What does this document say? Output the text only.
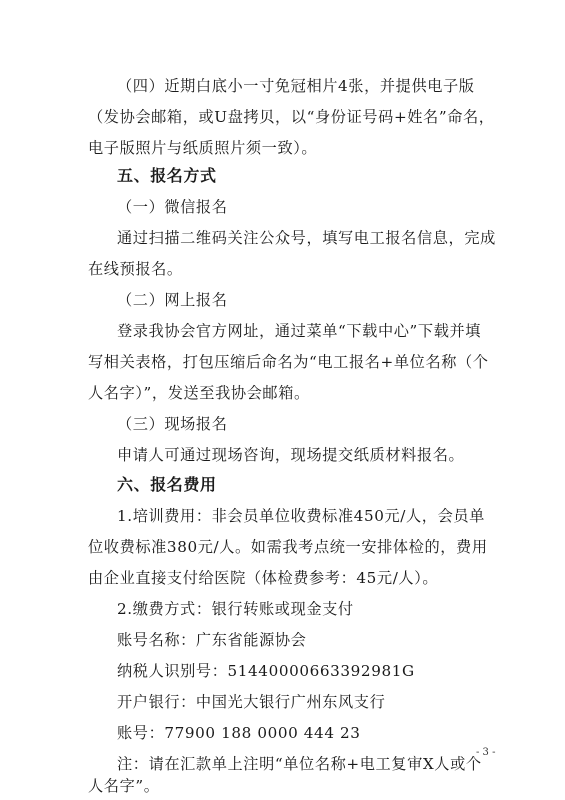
（四）近期白底小一寸免冠相片4张，并提供电子版
（发协会邮箱，或U盘拷贝，以“身份证号码+姓名”命名，
电子版照片与纸质照片须一致）。
五、报名方式
（一）微信报名
通过扫描二维码关注公众号，填写电工报名信息，完成
在线预报名。
（二）网上报名
登录我协会官方网址，通过菜单“下载中心”下载并填
写相关表格，打包压缩后命名为“电工报名+单位名称（个
人名字）”，发送至我协会邮箱。
（三）现场报名
申请人可通过现场咨询，现场提交纸质材料报名。
六、报名费用
1.培训费用：非会员单位收费标准450元/人，会员单
位收费标准380元/人。如需我考点统一安排体检的，费用
由企业直接支付给医院（体检费参考：45元/人）。
2.缴费方式：银行转账或现金支付
账号名称：广东省能源协会
纳税人识别号：51440000663392981G
开户银行：中国光大银行广州东风支行
账号：77900 188 0000 444 23
注：请在汇款单上注明“单位名称+电工复审X人或个
人名字”。
- 3 -
